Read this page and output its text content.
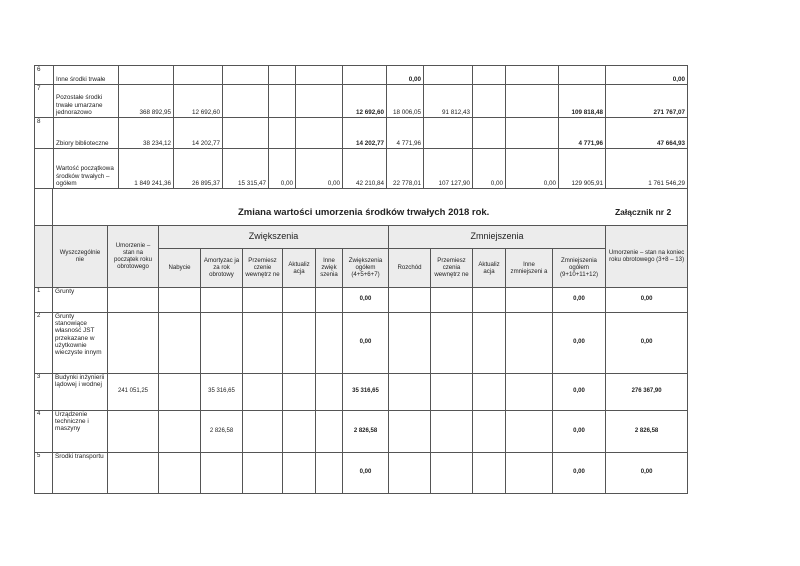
6	Inne środki trwałe							0,00					0,00	
7	Pozostałe środki trwałe umarzane jednorazowo	368 892,95	12 692,60				12 692,60	18 006,05	91 812,43			109 818,48	271 767,07	
8	Zbiory biblioteczne	38 234,12	14 202,77				14 202,77	4 771,96				4 771,96	47 664,93	
	Wartość początkowa środków trwałych – ogółem	1 849 241,36	26 895,37	15 315,47	0,00	0,00	42 210,84	22 778,01	107 127,90	0,00	0,00	129 905,91	1 761 546,29	

	Zmiana wartości umorzenia środków trwałych 2018 rok. Załącznik nr 2													

	Wyszczególnie nie	Umorzenie – stan na początek roku obrotowego	Zwiększenia						Zmniejszenia					Umorzenie – stan na koniec roku obrotowego (3+8 – 13)
			Nabycie	Amortyzac ja za rok obrotowy	Przemiesz czenie wewnętrz ne	Aktualiz acja	Inne zwięk szenia	Zwiększenia ogółem (4+5+6+7)	Rozchód	Przemiesz czenia wewnętrz ne	Aktualiz acja	Inne zmniejszeni a	Zmniejszenia ogółem (9+10+11+12)	
1	Grunty							0,00					0,00	0,00
2	Grunty stanowiące własność JST przekazane w użytkownie wieczyste innym							0,00					0,00	0,00
3	Budynki inżynierii lądowej i wodnej	241 051,25		35 316,65				35 316,65					0,00	276 367,90
4	Urządzenie techniczne i maszyny			2 826,58				2 826,58					0,00	2 826,58
5	Środki transportu							0,00					0,00	0,00
